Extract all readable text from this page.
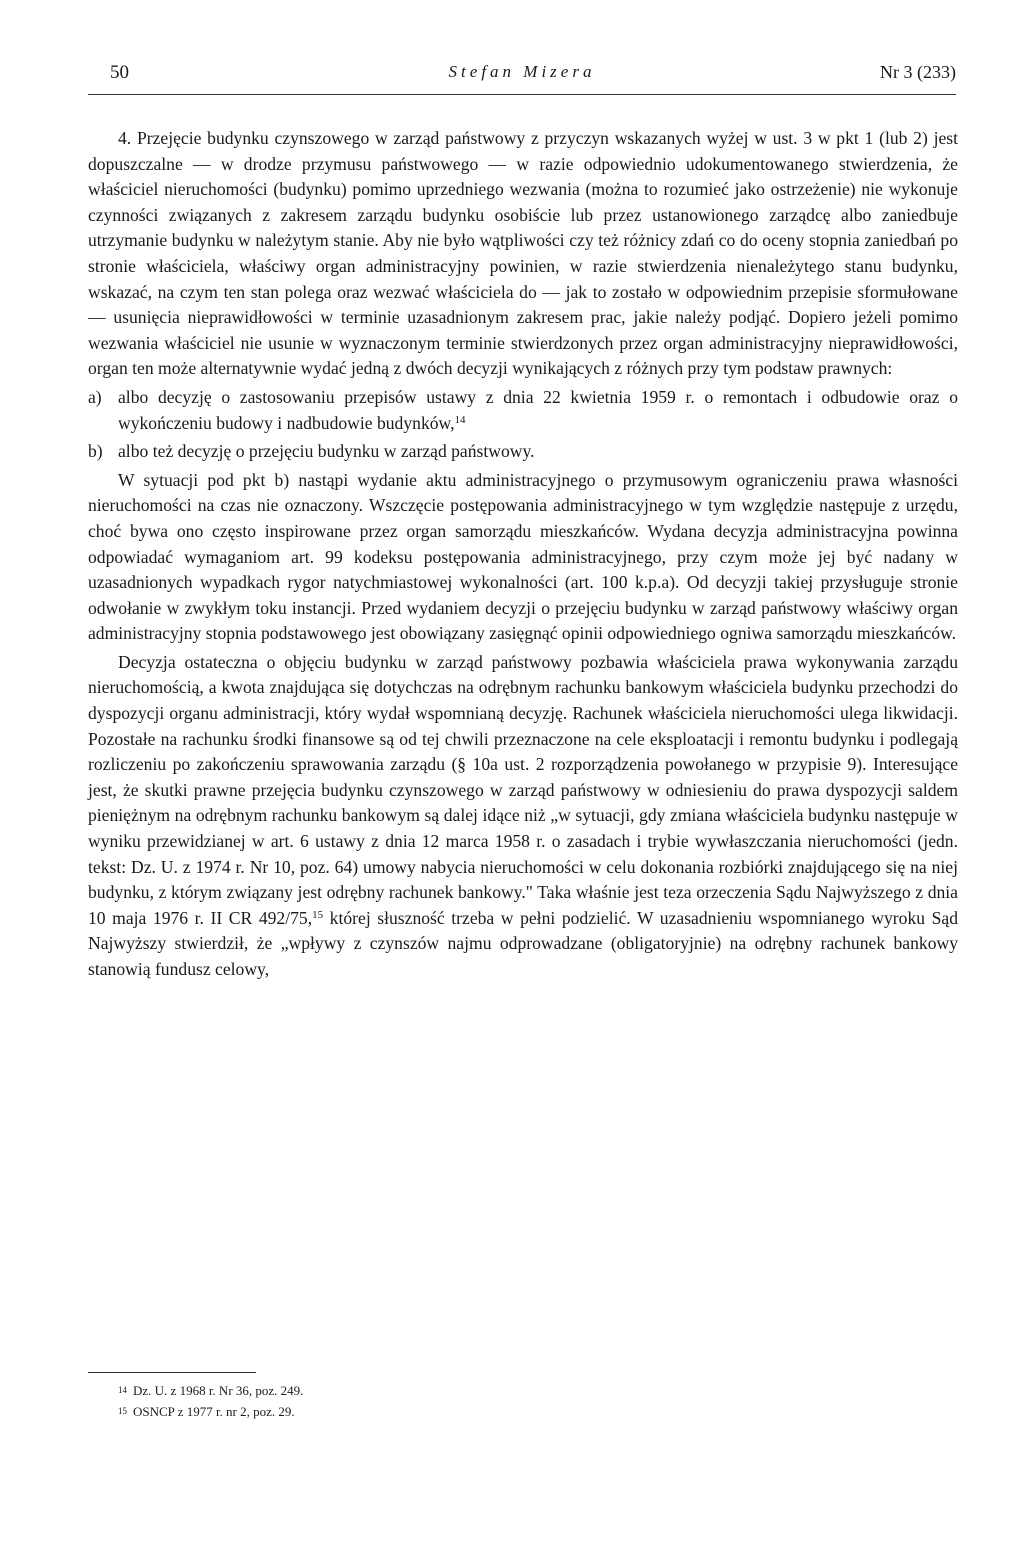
50	Stefan Mizera	Nr 3 (233)

4. Przejęcie budynku czynszowego w zarząd państwowy z przyczyn wskazanych wyżej w ust. 3 w pkt 1 (lub 2) jest dopuszczalne — w drodze przymusu państwowego — w razie odpowiednio udokumentowanego stwierdzenia, że właściciel nieruchomości (budynku) pomimo uprzedniego wezwania (można to rozumieć jako ostrzeżenie) nie wykonuje czynności związanych z zakresem zarządu budynku osobiście lub przez ustanowionego zarządcę albo zaniedbuje utrzymanie budynku w należytym stanie. Aby nie było wątpliwości czy też różnicy zdań co do oceny stopnia zaniedbań po stronie właściciela, właściwy organ administracyjny powinien, w razie stwierdzenia nienależytego stanu budynku, wskazać, na czym ten stan polega oraz wezwać właściciela do — jak to zostało w odpowiednim przepisie sformułowane — usunięcia nieprawidłowości w terminie uzasadnionym zakresem prac, jakie należy podjąć. Dopiero jeżeli pomimo wezwania właściciel nie usunie w wyznaczonym terminie stwierdzonych przez organ administracyjny nieprawidłowości, organ ten może alternatywnie wydać jedną z dwóch decyzji wynikających z różnych przy tym podstaw prawnych:

a) albo decyzję o zastosowaniu przepisów ustawy z dnia 22 kwietnia 1959 r. o remontach i odbudowie oraz o wykończeniu budowy i nadbudowie budynków,$^{14}$
b) albo też decyzję o przejęciu budynku w zarząd państwowy.

W sytuacji pod pkt b) nastąpi wydanie aktu administracyjnego o przymusowym ograniczeniu prawa własności nieruchomości na czas nie oznaczony. Wszczęcie postępowania administracyjnego w tym względzie następuje z urzędu, choć bywa ono często inspirowane przez organ samorządu mieszkańców. Wydana decyzja administracyjna powinna odpowiadać wymaganiom art. 99 kodeksu postępowania administracyjnego, przy czym może jej być nadany w uzasadnionych wypadkach rygor natychmiastowej wykonalności (art. 100 k.p.a). Od decyzji takiej przysługuje stronie odwołanie w zwykłym toku instancji. Przed wydaniem decyzji o przejęciu budynku w zarząd państwowy właściwy organ administracyjny stopnia podstawowego jest obowiązany zasięgnąć opinii odpowiedniego ogniwa samorządu mieszkańców.

Decyzja ostateczna o objęciu budynku w zarząd państwowy pozbawia właściciela prawa wykonywania zarządu nieruchomością, a kwota znajdująca się dotychczas na odrębnym rachunku bankowym właściciela budynku przechodzi do dyspozycji organu administracji, który wydał wspomnianą decyzję. Rachunek właściciela nieruchomości ulega likwidacji. Pozostałe na rachunku środki finansowe są od tej chwili przeznaczone na cele eksploatacji i remontu budynku i podlegają rozliczeniu po zakończeniu sprawowania zarządu (§ 10a ust. 2 rozporządzenia powołanego w przypisie 9). Interesujące jest, że skutki prawne przejęcia budynku czynszowego w zarząd państwowy w odniesieniu do prawa dyspozycji saldem pieniężnym na odrębnym rachunku bankowym są dalej idące niż „w sytuacji, gdy zmiana właściciela budynku następuje w wyniku przewidzianej w art. 6 ustawy z dnia 12 marca 1958 r. o zasadach i trybie wywłaszczania nieruchomości (jedn. tekst: Dz. U. z 1974 r. Nr 10, poz. 64) umowy nabycia nieruchomości w celu dokonania rozbiórki znajdującego się na niej budynku, z którym związany jest odrębny rachunek bankowy." Taka właśnie jest teza orzeczenia Sądu Najwyższego z dnia 10 maja 1976 r. II CR 492/75,15 której słuszność trzeba w pełni podzielić. W uzasadnieniu wspomnianego wyroku Sąd Najwyższy stwierdził, że „wpływy z czynszów najmu odprowadzane (obligatoryjnie) na odrębny rachunek bankowy stanowią fundusz celowy,

14 Dz. U. z 1968 r. Nr 36, poz. 249.
15 OSNCP z 1977 r. nr 2, poz. 29.
